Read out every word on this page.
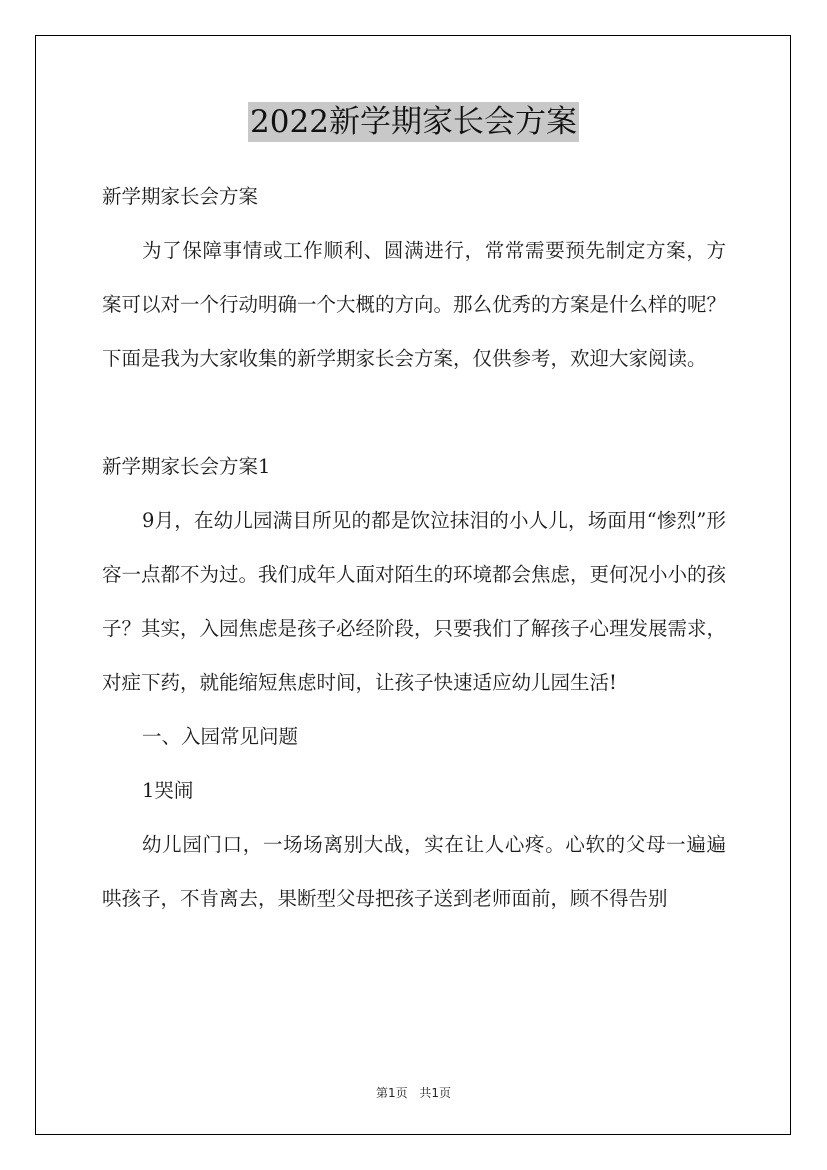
2022新学期家长会方案

新学期家长会方案

为了保障事情或工作顺利、圆满进行，常常需要预先制定方案，方案可以对一个行动明确一个大概的方向。那么优秀的方案是什么样的呢？下面是我为大家收集的新学期家长会方案，仅供参考，欢迎大家阅读。

新学期家长会方案1

9月，在幼儿园满目所见的都是饮泣抹泪的小人儿，场面用“惨烈”形容一点都不为过。我们成年人面对陌生的环境都会焦虑，更何况小小的孩子？其实，入园焦虑是孩子必经阶段，只要我们了解孩子心理发展需求，对症下药，就能缩短焦虑时间，让孩子快速适应幼儿园生活!

一、入园常见问题

1哭闹

幼儿园门口，一场场离别大战，实在让人心疼。心软的父母一遍遍哄孩子，不肯离去，果断型父母把孩子送到老师面前，顾不得告别

第1页 共1页
